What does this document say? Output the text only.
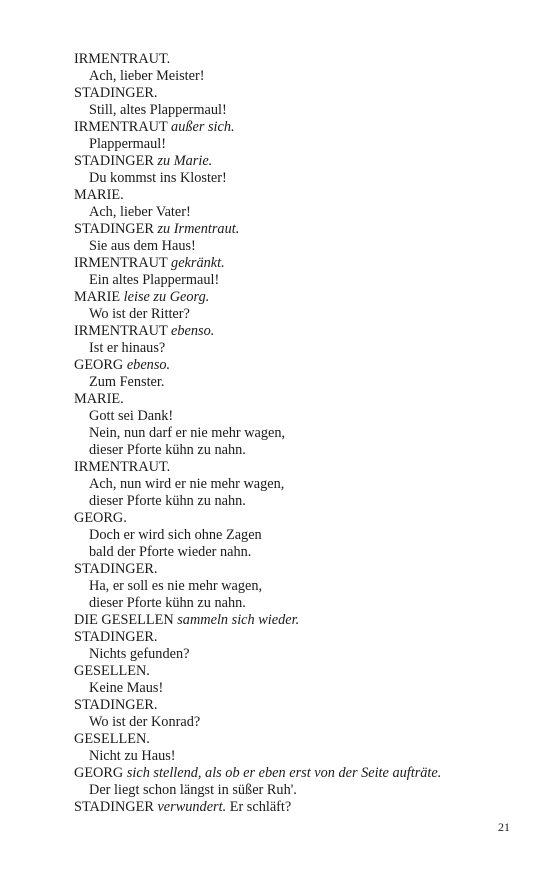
IRMENTRAUT.
Ach, lieber Meister!
STADINGER.
Still, altes Plappermaul!
IRMENTRAUT außer sich.
Plappermaul!
STADINGER zu Marie.
Du kommst ins Kloster!
MARIE.
Ach, lieber Vater!
STADINGER zu Irmentraut.
Sie aus dem Haus!
IRMENTRAUT gekränkt.
Ein altes Plappermaul!
MARIE leise zu Georg.
Wo ist der Ritter?
IRMENTRAUT ebenso.
Ist er hinaus?
GEORG ebenso.
Zum Fenster.
MARIE.
Gott sei Dank!
Nein, nun darf er nie mehr wagen,
dieser Pforte kühn zu nahn.
IRMENTRAUT.
Ach, nun wird er nie mehr wagen,
dieser Pforte kühn zu nahn.
GEORG.
Doch er wird sich ohne Zagen
bald der Pforte wieder nahn.
STADINGER.
Ha, er soll es nie mehr wagen,
dieser Pforte kühn zu nahn.
DIE GESELLEN sammeln sich wieder.
STADINGER.
Nichts gefunden?
GESELLEN.
Keine Maus!
STADINGER.
Wo ist der Konrad?
GESELLEN.
Nicht zu Haus!
GEORG sich stellend, als ob er eben erst von der Seite aufträte.
Der liegt schon längst in süßer Ruh'.
STADINGER verwundert. Er schläft?
21
